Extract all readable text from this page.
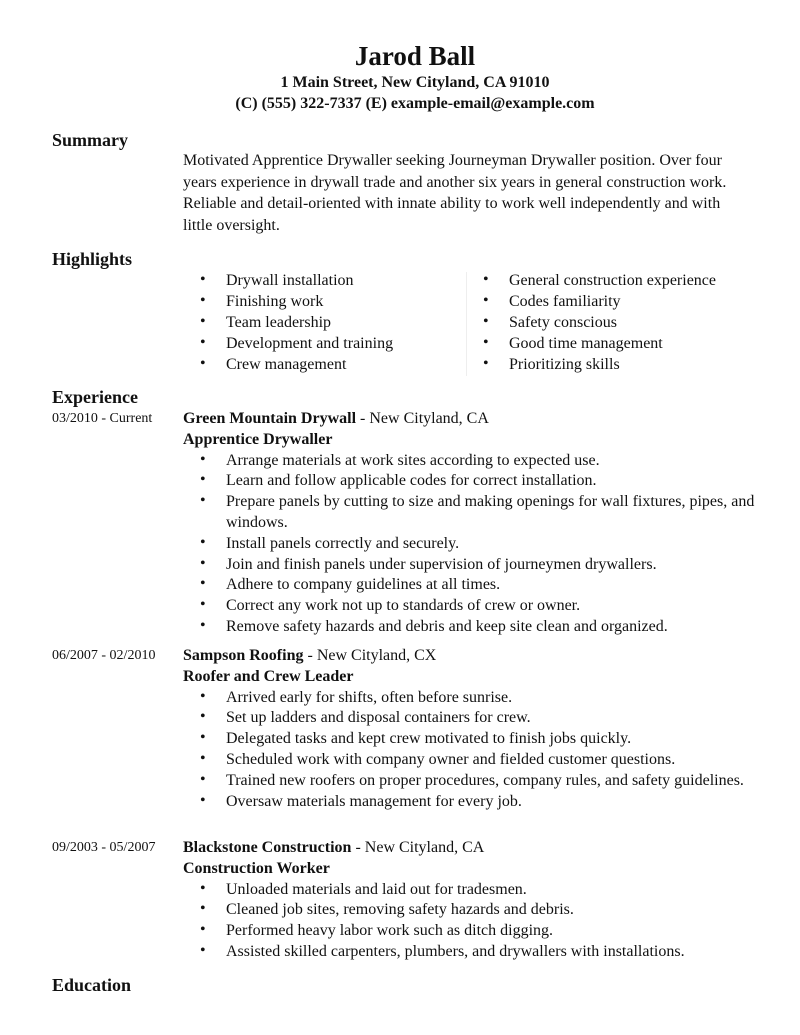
Jarod Ball
1 Main Street, New Cityland, CA 91010
(C) (555) 322-7337 (E) example-email@example.com
Summary
Motivated Apprentice Drywaller seeking Journeyman Drywaller position. Over four years experience in drywall trade and another six years in general construction work. Reliable and detail-oriented with innate ability to work well independently and with little oversight.
Highlights
• Drywall installation
• Finishing work
• Team leadership
• Development and training
• Crew management
• General construction experience
• Codes familiarity
• Safety conscious
• Good time management
• Prioritizing skills
Experience
03/2010 - Current Green Mountain Drywall - New Cityland, CA
Apprentice Drywaller
• Arrange materials at work sites according to expected use.
• Learn and follow applicable codes for correct installation.
• Prepare panels by cutting to size and making openings for wall fixtures, pipes, and windows.
• Install panels correctly and securely.
• Join and finish panels under supervision of journeymen drywallers.
• Adhere to company guidelines at all times.
• Correct any work not up to standards of crew or owner.
• Remove safety hazards and debris and keep site clean and organized.
06/2007 - 02/2010 Sampson Roofing - New Cityland, CX
Roofer and Crew Leader
• Arrived early for shifts, often before sunrise.
• Set up ladders and disposal containers for crew.
• Delegated tasks and kept crew motivated to finish jobs quickly.
• Scheduled work with company owner and fielded customer questions.
• Trained new roofers on proper procedures, company rules, and safety guidelines.
• Oversaw materials management for every job.
09/2003 - 05/2007 Blackstone Construction - New Cityland, CA
Construction Worker
• Unloaded materials and laid out for tradesmen.
• Cleaned job sites, removing safety hazards and debris.
• Performed heavy labor work such as ditch digging.
• Assisted skilled carpenters, plumbers, and drywallers with installations.
Education
